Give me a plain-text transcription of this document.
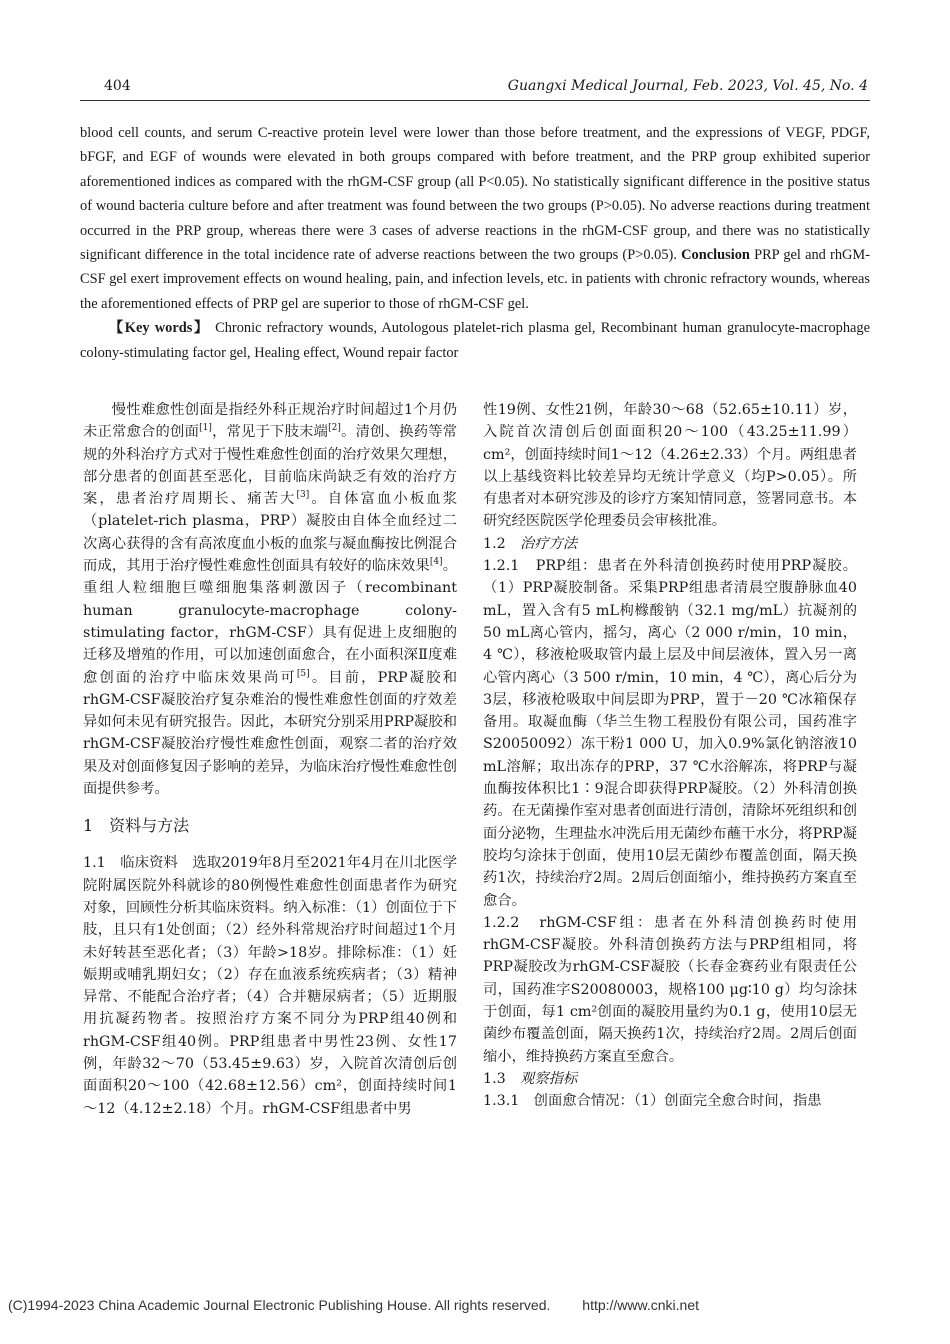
404	Guangxi Medical Journal, Feb. 2023, Vol. 45, No. 4

blood cell counts, and serum C-reactive protein level were lower than those before treatment, and the expressions of VEGF, PDGF, bFGF, and EGF of wounds were elevated in both groups compared with before treatment, and the PRP group exhibited superior aforementioned indices as compared with the rhGM-CSF group (all P<0.05). No statistically significant difference in the positive status of wound bacteria culture before and after treatment was found between the two groups (P>0.05). No adverse reactions during treatment occurred in the PRP group, whereas there were 3 cases of adverse reactions in the rhGM-CSF group, and there was no statistically significant difference in the total incidence rate of adverse reactions between the two groups (P>0.05). Conclusion PRP gel and rhGM-CSF gel exert improvement effects on wound healing, pain, and infection levels, etc. in patients with chronic refractory wounds, whereas the aforementioned effects of PRP gel are superior to those of rhGM-CSF gel.

【Key words】 Chronic refractory wounds, Autologous platelet-rich plasma gel, Recombinant human granulocyte-macrophage colony-stimulating factor gel, Healing effect, Wound repair factor

慢性难愈性创面是指经外科正规治疗时间超过1个月仍未正常愈合的创面[1]，常见于下肢末端[2]。清创、换药等常规的外科治疗方式对于慢性难愈性创面的治疗效果欠理想，部分患者的创面甚至恶化，目前临床尚缺乏有效的治疗方案，患者治疗周期长、痛苦大[3]。自体富血小板血浆（platelet-rich plasma，PRP）凝胶由自体全血经过二次离心获得的含有高浓度血小板的血浆与凝血酶按比例混合而成，其用于治疗慢性难愈性创面具有较好的临床效果[4]。重组人粒细胞巨噬细胞集落刺激因子（recombinant human granulocyte-macrophage colony-stimulating factor，rhGM-CSF）具有促进上皮细胞的迁移及增殖的作用，可以加速创面愈合，在小面积深Ⅱ度难愈创面的治疗中临床效果尚可[5]。目前，PRP凝胶和rhGM-CSF凝胶治疗复杂难治的慢性难愈性创面的疗效差异如何未见有研究报告。因此，本研究分别采用PRP凝胶和rhGM-CSF凝胶治疗慢性难愈性创面，观察二者的治疗效果及对创面修复因子影响的差异，为临床治疗慢性难愈性创面提供参考。

1　资料与方法

1.1　临床资料　 选取2019年8月至2021年4月在川北医学院附属医院外科就诊的80例慢性难愈性创面患者作为研究对象，回顾性分析其临床资料。纳入标准：（1）创面位于下肢，且只有1处创面；（2）经外科常规治疗时间超过1个月未好转甚至恶化者；（3）年龄>18岁。排除标准：（1）妊娠期或哺乳期妇女；（2）存在血液系统疾病者；（3）精神异常、不能配合治疗者；（4）合并糖尿病者；（5）近期服用抗凝药物者。按照治疗方案不同分为PRP组40例和rhGM-CSF组40例。PRP组患者中男性23例、女性17例，年龄32～70（53.45±9.63）岁，入院首次清创后创面面积20～100（42.68±12.56）cm²，创面持续时间1～12（4.12±2.18）个月。rhGM-CSF组患者中男

性19例、女性21例，年龄30～68（52.65±10.11）岁，入院首次清创后创面面积20～100（43.25±11.99）cm²，创面持续时间1～12（4.26±2.33）个月。两组患者以上基线资料比较差异均无统计学意义（均P>0.05）。所有患者对本研究涉及的诊疗方案知情同意，签署同意书。本研究经医院医学伦理委员会审核批准。

1.2　 治疗方法

1.2.1　PRP组：患者在外科清创换药时使用PRP凝胶。（1）PRP凝胶制备。采集PRP组患者清晨空腹静脉血40 mL，置入含有5 mL枸橼酸钠（32.1 mg/mL）抗凝剂的50 mL离心管内，摇匀，离心（2 000 r/min，10 min，4 ℃），移液枪吸取管内最上层及中间层液体，置入另一离心管内离心（3 500 r/min，10 min，4 ℃），离心后分为3层，移液枪吸取中间层即为PRP，置于－20 ℃冰箱保存备用。取凝血酶（华兰生物工程股份有限公司，国药准字S20050092）冻干粉1 000 U，加入0.9%氯化钠溶液10 mL溶解；取出冻存的PRP，37 ℃水浴解冻，将PRP与凝血酶按体积比1∶9混合即获得PRP凝胶。（2）外科清创换药。在无菌操作室对患者创面进行清创，清除坏死组织和创面分泌物，生理盐水冲洗后用无菌纱布蘸干水分，将PRP凝胶均匀涂抹于创面，使用10层无菌纱布覆盖创面，隔天换药1次，持续治疗2周。2周后创面缩小，维持换药方案直至愈合。

1.2.2　rhGM-CSF组：患者在外科清创换药时使用rhGM-CSF凝胶。外科清创换药方法与PRP组相同，将PRP凝胶改为rhGM-CSF凝胶（长春金赛药业有限责任公司，国药准字S20080003，规格100 μg∶10 g）均匀涂抹于创面，每1 cm²创面的凝胶用量约为0.1 g，使用10层无菌纱布覆盖创面，隔天换药1次，持续治疗2周。2周后创面缩小，维持换药方案直至愈合。

1.3　 观察指标

1.3.1　创面愈合情况：（1）创面完全愈合时间，指患

(C)1994-2023 China Academic Journal Electronic Publishing House. All rights reserved. http://www.cnki.net
